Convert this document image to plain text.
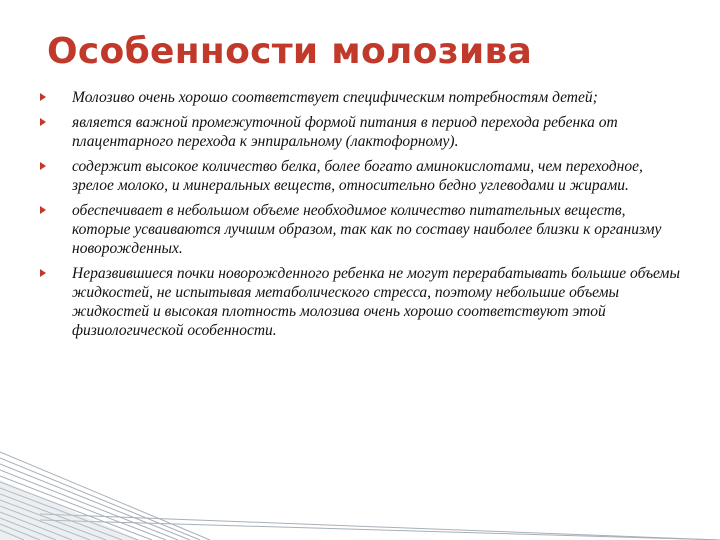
Особенности молозива
Молозиво очень хорошо соответствует специфическим потребностям детей;
является важной промежуточной формой питания в период перехода ребенка от плацентарного перехода к энпиральному (лактофорному).
содержит высокое количество белка, более богато аминокислотами, чем переходное, зрелое молоко, и минеральных веществ, относительно бедно углеводами и жирами.
обеспечивает в небольшом объеме необходимое количество питательных веществ, которые усваиваются лучшим образом, так как по составу наиболее близки к организму новорожденных.
Неразвившиеся почки новорожденного ребенка не могут перерабатывать большие объемы жидкостей, не испытывая метаболического стресса, поэтому небольшие объемы жидкостей и высокая плотность молозива очень хорошо соответствуют этой физиологической особенности.
